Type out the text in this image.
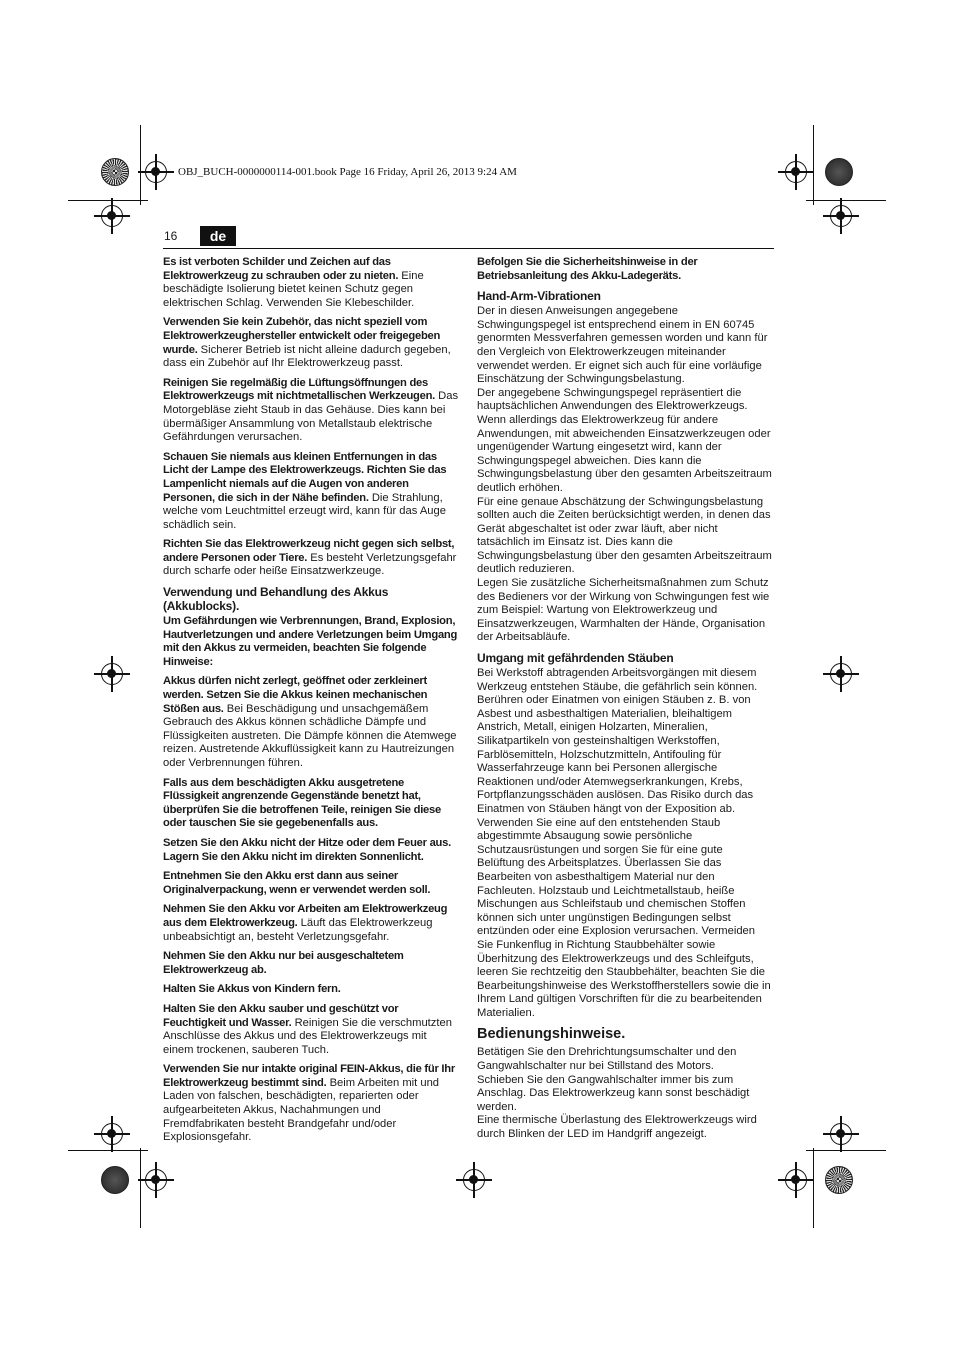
OBJ_BUCH-0000000114-001.book Page 16 Friday, April 26, 2013 9:24 AM
16	de

Es ist verboten Schilder und Zeichen auf das Elektrowerkzeug zu schrauben oder zu nieten. Eine beschädigte Isolierung bietet keinen Schutz gegen elektrischen Schlag. Verwenden Sie Klebeschilder.

Verwenden Sie kein Zubehör, das nicht speziell vom Elektrowerkzeughersteller entwickelt oder freigegeben wurde. Sicherer Betrieb ist nicht alleine dadurch gegeben, dass ein Zubehör auf Ihr Elektrowerkzeug passt.

Reinigen Sie regelmäßig die Lüftungsöffnungen des Elektrowerkzeugs mit nichtmetallischen Werkzeugen. Das Motorgebläse zieht Staub in das Gehäuse. Dies kann bei übermäßiger Ansammlung von Metallstaub elektrische Gefährdungen verursachen.

Schauen Sie niemals aus kleinen Entfernungen in das Licht der Lampe des Elektrowerkzeugs. Richten Sie das Lampenlicht niemals auf die Augen von anderen Personen, die sich in der Nähe befinden. Die Strahlung, welche vom Leuchtmittel erzeugt wird, kann für das Auge schädlich sein.

Richten Sie das Elektrowerkzeug nicht gegen sich selbst, andere Personen oder Tiere. Es besteht Verletzungsgefahr durch scharfe oder heiße Einsatzwerkzeuge.

Verwendung und Behandlung des Akkus (Akkublocks).

Um Gefährdungen wie Verbrennungen, Brand, Explosion, Hautverletzungen und andere Verletzungen beim Umgang mit den Akkus zu vermeiden, beachten Sie folgende Hinweise:

Akkus dürfen nicht zerlegt, geöffnet oder zerkleinert werden. Setzen Sie die Akkus keinen mechanischen Stößen aus. Bei Beschädigung und unsachgemäßem Gebrauch des Akkus können schädliche Dämpfe und Flüssigkeiten austreten. Die Dämpfe können die Atemwege reizen. Austretende Akkuflüssigkeit kann zu Hautreizungen oder Verbrennungen führen.

Falls aus dem beschädigten Akku ausgetretene Flüssigkeit angrenzende Gegenstände benetzt hat, überprüfen Sie die betroffenen Teile, reinigen Sie diese oder tauschen Sie sie gegebenenfalls aus.

Setzen Sie den Akku nicht der Hitze oder dem Feuer aus. Lagern Sie den Akku nicht im direkten Sonnenlicht.

Entnehmen Sie den Akku erst dann aus seiner Originalverpackung, wenn er verwendet werden soll.

Nehmen Sie den Akku vor Arbeiten am Elektrowerkzeug aus dem Elektrowerkzeug. Läuft das Elektrowerkzeug unbeabsichtigt an, besteht Verletzungsgefahr.

Nehmen Sie den Akku nur bei ausgeschaltetem Elektrowerkzeug ab.

Halten Sie Akkus von Kindern fern.

Halten Sie den Akku sauber und geschützt vor Feuchtigkeit und Wasser. Reinigen Sie die verschmutzten Anschlüsse des Akkus und des Elektrowerkzeugs mit einem trockenen, sauberen Tuch.

Verwenden Sie nur intakte original FEIN-Akkus, die für Ihr Elektrowerkzeug bestimmt sind. Beim Arbeiten mit und Laden von falschen, beschädigten, reparierten oder aufgearbeiteten Akkus, Nachahmungen und Fremdfabrikaten besteht Brandgefahr und/oder Explosionsgefahr.

Befolgen Sie die Sicherheitshinweise in der Betriebsanleitung des Akku-Ladegeräts.

Hand-Arm-Vibrationen

Der in diesen Anweisungen angegebene Schwingungspegel ist entsprechend einem in EN 60745 genormten Messverfahren gemessen worden und kann für den Vergleich von Elektrowerkzeugen miteinander verwendet werden. Er eignet sich auch für eine vorläufige Einschätzung der Schwingungsbelastung.

Der angegebene Schwingungspegel repräsentiert die hauptsächlichen Anwendungen des Elektrowerkzeugs. Wenn allerdings das Elektrowerkzeug für andere Anwendungen, mit abweichenden Einsatzwerkzeugen oder ungenügender Wartung eingesetzt wird, kann der Schwingungspegel abweichen. Dies kann die Schwingungsbelastung über den gesamten Arbeitszeitraum deutlich erhöhen.

Für eine genaue Abschätzung der Schwingungsbelastung sollten auch die Zeiten berücksichtigt werden, in denen das Gerät abgeschaltet ist oder zwar läuft, aber nicht tatsächlich im Einsatz ist. Dies kann die Schwingungsbelastung über den gesamten Arbeitszeitraum deutlich reduzieren.

Legen Sie zusätzliche Sicherheitsmaßnahmen zum Schutz des Bedieners vor der Wirkung von Schwingungen fest wie zum Beispiel: Wartung von Elektrowerkzeug und Einsatzwerkzeugen, Warmhalten der Hände, Organisation der Arbeitsabläufe.

Umgang mit gefährdenden Stäuben

Bei Werkstoff abtragenden Arbeitsvorgängen mit diesem Werkzeug entstehen Stäube, die gefährlich sein können. Berühren oder Einatmen von einigen Stäuben z. B. von Asbest und asbesthaltigen Materialien, bleihaltigem Anstrich, Metall, einigen Holzarten, Mineralien, Silikatpartikeln von gesteinshaltigen Werkstoffen, Farblösemitteln, Holzschutzmitteln, Antifouling für Wasserfahrzeuge kann bei Personen allergische Reaktionen und/oder Atemwegserkrankungen, Krebs, Fortpflanzungsschäden auslösen. Das Risiko durch das Einatmen von Stäuben hängt von der Exposition ab. Verwenden Sie eine auf den entstehenden Staub abgestimmte Absaugung sowie persönliche Schutzausrüstungen und sorgen Sie für eine gute Belüftung des Arbeitsplatzes. Überlassen Sie das Bearbeiten von asbesthaltigem Material nur den Fachleuten. Holzstaub und Leichtmetallstaub, heiße Mischungen aus Schleifstaub und chemischen Stoffen können sich unter ungünstigen Bedingungen selbst entzünden oder eine Explosion verursachen. Vermeiden Sie Funkenflug in Richtung Staubbehälter sowie Überhitzung des Elektrowerkzeugs und des Schleifguts, leeren Sie rechtzeitig den Staubbehälter, beachten Sie die Bearbeitungshinweise des Werkstoffherstellers sowie die in Ihrem Land gültigen Vorschriften für die zu bearbeitenden Materialien.

Bedienungshinweise.

Betätigen Sie den Drehrichtungsumschalter und den Gangwahlschalter nur bei Stillstand des Motors.

Schieben Sie den Gangwahlschalter immer bis zum Anschlag. Das Elektrowerkzeug kann sonst beschädigt werden.

Eine thermische Überlastung des Elektrowerkzeugs wird durch Blinken der LED im Handgriff angezeigt.
